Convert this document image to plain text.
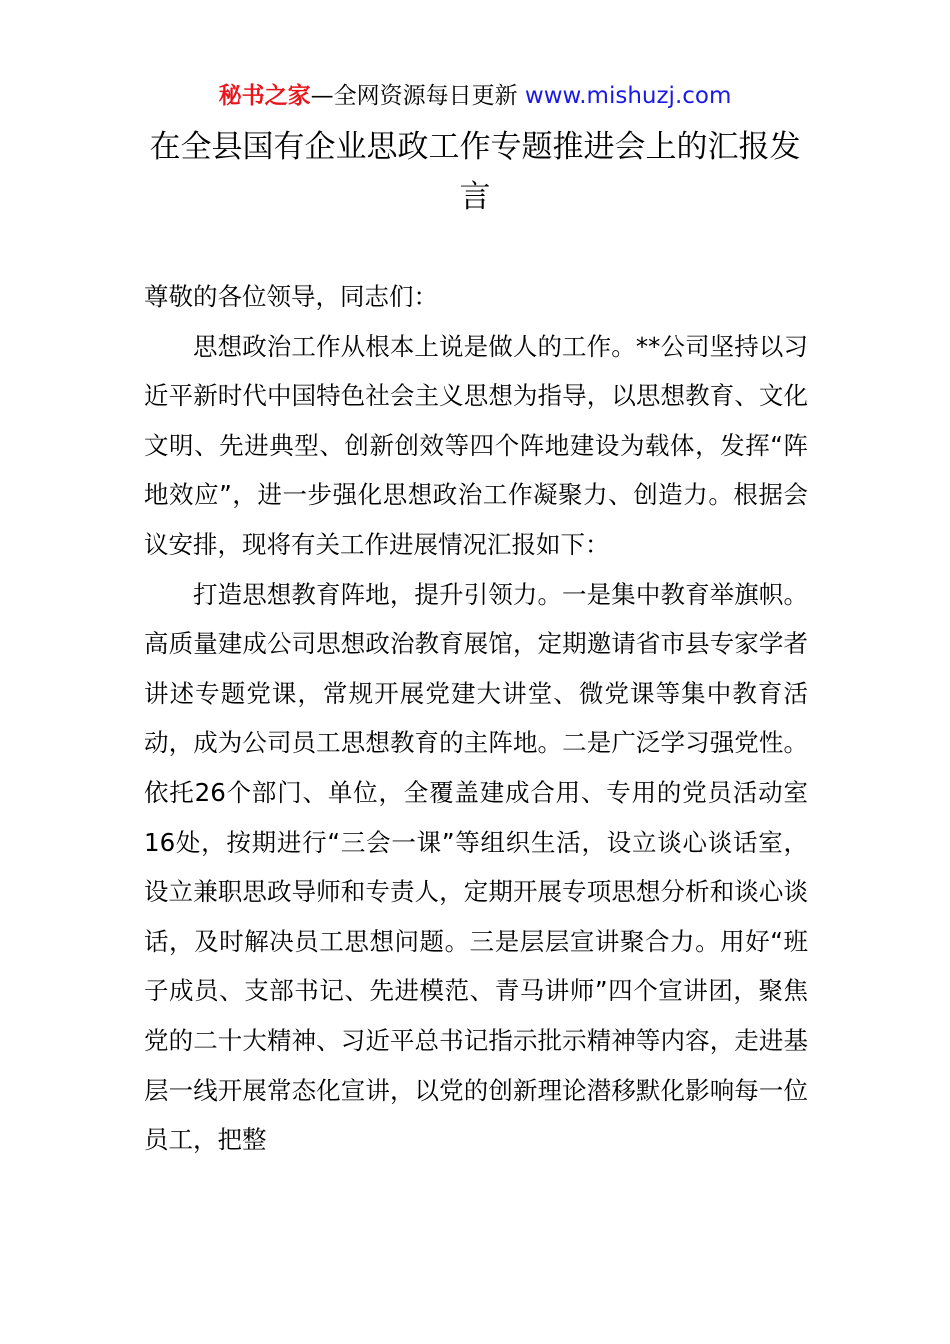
秘书之家—全网资源每日更新 www.mishuzj.com
在全县国有企业思政工作专题推进会上的汇报发言

尊敬的各位领导，同志们：

思想政治工作从根本上说是做人的工作。**公司坚持以习近平新时代中国特色社会主义思想为指导，以思想教育、文化文明、先进典型、创新创效等四个阵地建设为载体，发挥“阵地效应”，进一步强化思想政治工作凝聚力、创造力。根据会议安排，现将有关工作进展情况汇报如下：

打造思想教育阵地，提升引领力。一是集中教育举旗帜。高质量建成公司思想政治教育展馆，定期邀请省市县专家学者讲述专题党课，常规开展党建大讲堂、微党课等集中教育活动，成为公司员工思想教育的主阵地。二是广泛学习强党性。依托26个部门、单位，全覆盖建成合用、专用的党员活动室16处，按期进行“三会一课”等组织生活，设立谈心谈话室，设立兼职思政导师和专责人，定期开展专项思想分析和谈心谈话，及时解决员工思想问题。三是层层宣讲聚合力。用好“班子成员、支部书记、先进模范、青马讲师”四个宣讲团，聚焦党的二十大精神、习近平总书记指示批示精神等内容，走进基层一线开展常态化宣讲，以党的创新理论潜移默化影响每一位员工，把整
